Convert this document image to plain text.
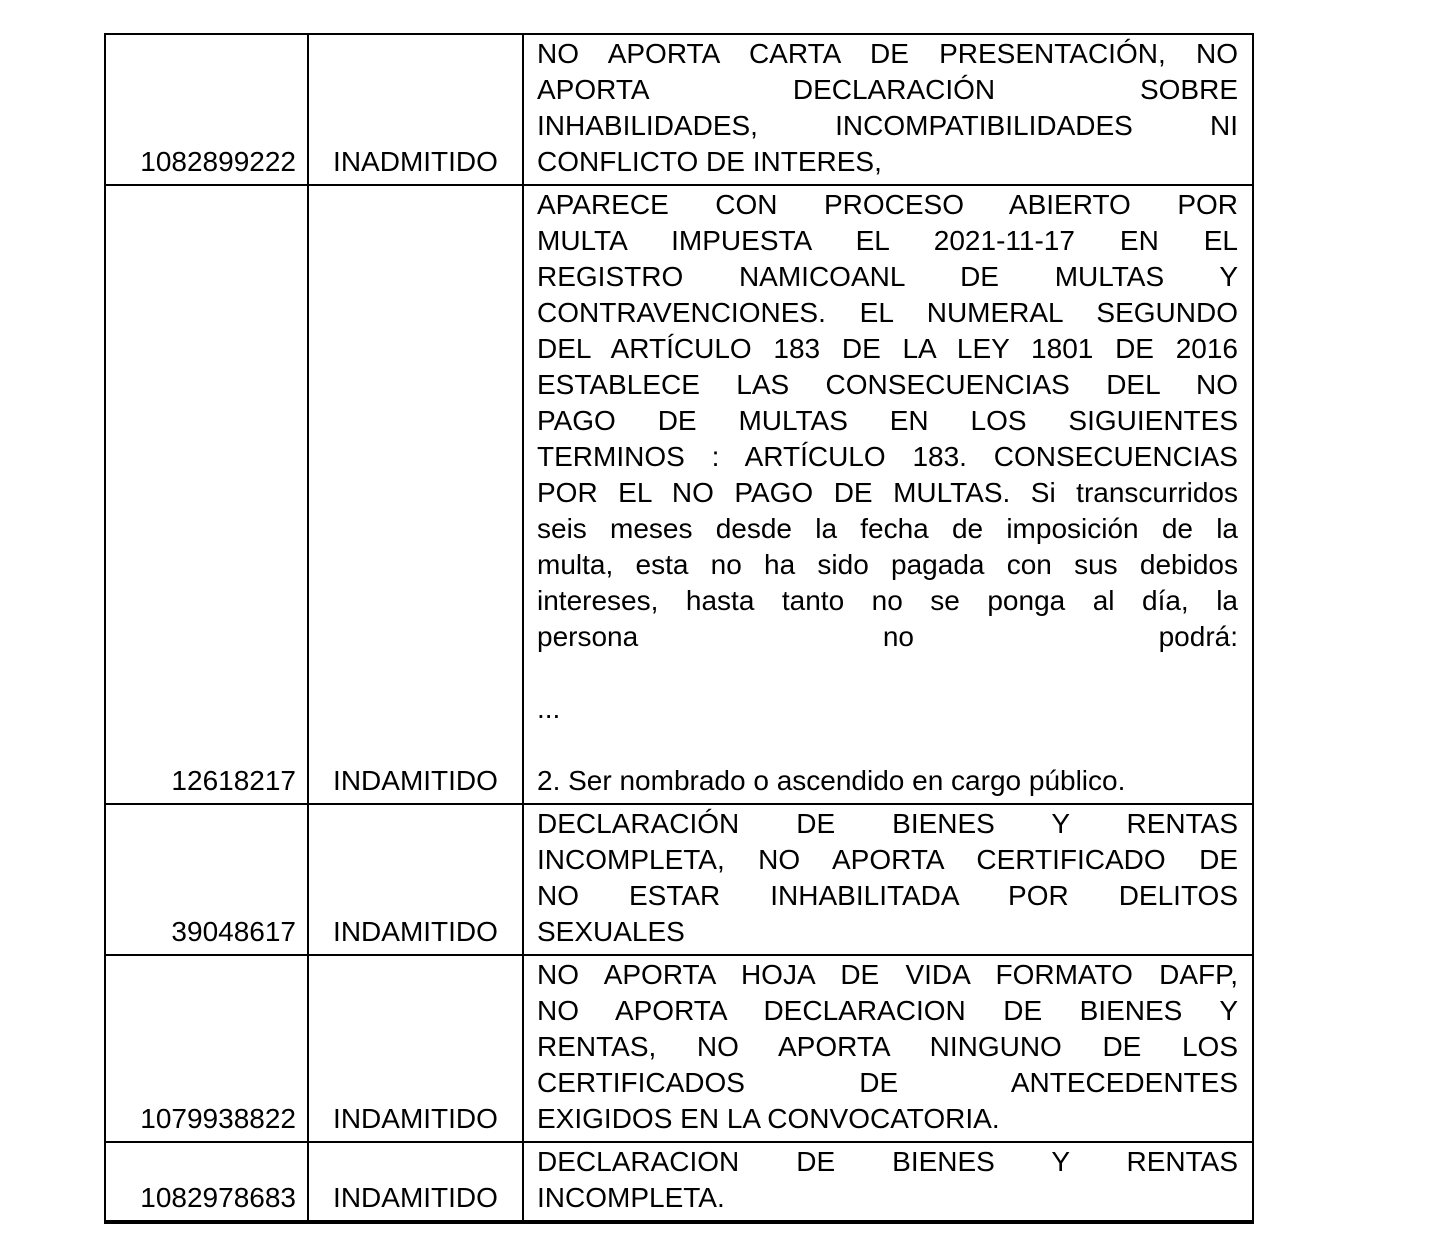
1082899222	INADMITIDO	NO APORTA CARTA DE PRESENTACIÓN, NO
APORTA DECLARACIÓN SOBRE
INHABILIDADES, INCOMPATIBILIDADES NI
CONFLICTO DE INTERES,

12618217	INDAMITIDO	
APARECE CON PROCESO ABIERTO POR
MULTA IMPUESTA EL 2021-11-17 EN EL
REGISTRO NAMICOANL DE MULTAS Y
CONTRAVENCIONES. EL NUMERAL SEGUNDO
DEL ARTÍCULO 183 DE LA LEY 1801 DE 2016
ESTABLECE LAS CONSECUENCIAS DEL NO
PAGO DE MULTAS EN LOS SIGUIENTES
TERMINOS : ARTÍCULO 183. CONSECUENCIAS
POR EL NO PAGO DE MULTAS. Si transcurridos
seis meses desde la fecha de imposición de la
multa, esta no ha sido pagada con sus debidos
intereses, hasta tanto no se ponga al día, la
persona no podrá:

...

2. Ser nombrado o ascendido en cargo público.

39048617	INDAMITIDO	DECLARACIÓN DE BIENES Y RENTAS
INCOMPLETA, NO APORTA CERTIFICADO DE
NO ESTAR INHABILITADA POR DELITOS
SEXUALES

1079938822	INDAMITIDO	NO APORTA HOJA DE VIDA FORMATO DAFP,
NO APORTA DECLARACION DE BIENES Y
RENTAS, NO APORTA NINGUNO DE LOS
CERTIFICADOS DE ANTECEDENTES
EXIGIDOS EN LA CONVOCATORIA.

1082978683	INDAMITIDO	DECLARACION DE BIENES Y RENTAS
INCOMPLETA.
